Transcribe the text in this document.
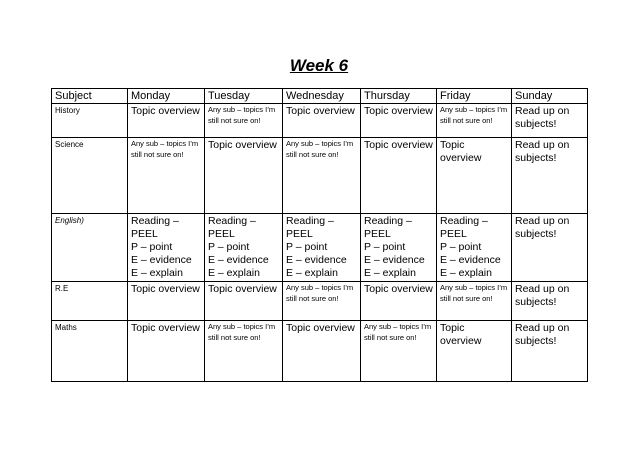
Week 6
Subject	Monday	Tuesday	Wednesday	Thursday	Friday	Sunday
History	Topic overview	Any sub – topics I’m still not sure on!	Topic overview	Topic overview	Any sub – topics I’m still not sure on!	Read up on subjects!
Science	Any sub – topics I’m still not sure on!	Topic overview	Any sub – topics I’m still not sure on!	Topic overview	Topic overview	Read up on subjects!
English)	Reading – PEEL
P – point
E – evidence
E – explain	Reading – PEEL
P – point
E – evidence
E – explain	Reading – PEEL
P – point
E – evidence
E – explain	Reading – PEEL
P – point
E – evidence
E – explain	Reading – PEEL
P – point
E – evidence
E – explain	Read up on subjects!
R.E	Topic overview	Topic overview	Any sub – topics I’m still not sure on!	Topic overview	Any sub – topics I’m still not sure on!	Read up on subjects!
Maths	Topic overview	Any sub – topics I’m still not sure on!	Topic overview	Any sub – topics I’m still not sure on!	Topic overview	Read up on subjects!
